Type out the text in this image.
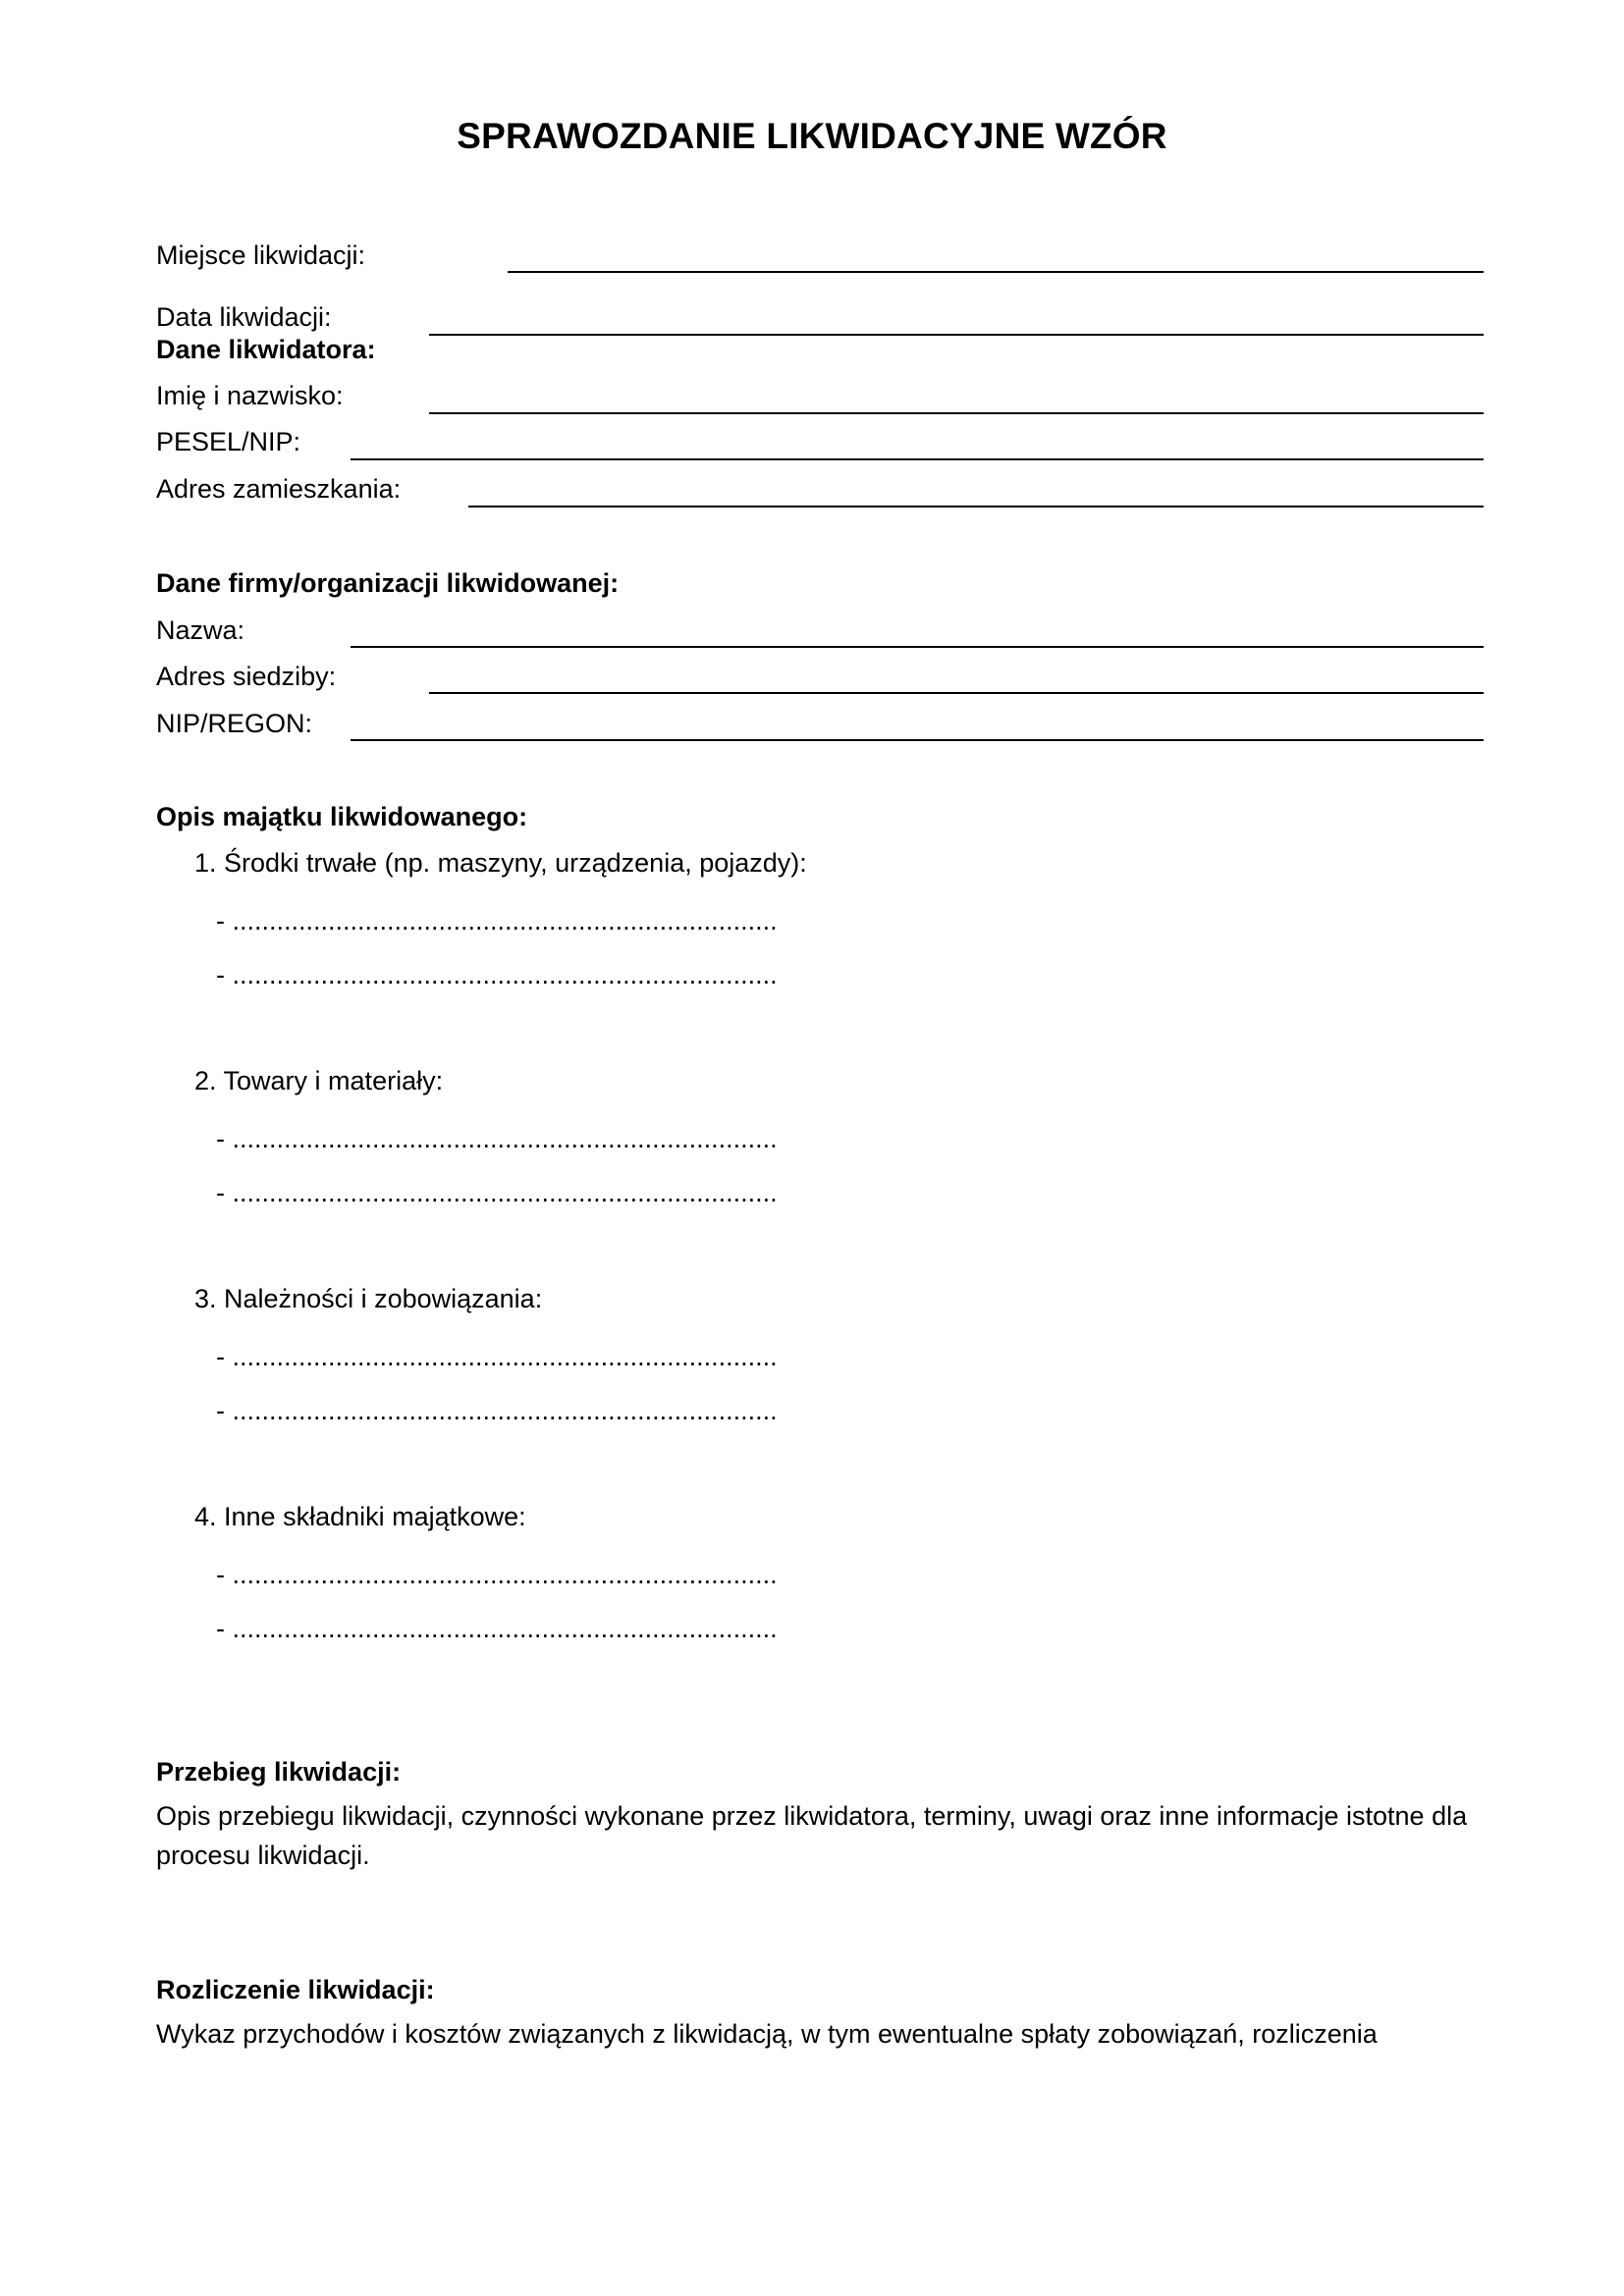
SPRAWOZDANIE LIKWIDACYJNE WZÓR
Miejsce likwidacji:
Data likwidacji:
Dane likwidatora:
Imię i nazwisko:
PESEL/NIP:
Adres zamieszkania:
Dane firmy/organizacji likwidowanej:
Nazwa:
Adres siedziby:
NIP/REGON:
Opis majątku likwidowanego:
1. Środki trwałe (np. maszyny, urządzenia, pojazdy):
- ..........................................................................
- ..........................................................................
2. Towary i materiały:
- ..........................................................................
- ..........................................................................
3. Należności i zobowiązania:
- ..........................................................................
- ..........................................................................
4. Inne składniki majątkowe:
- ..........................................................................
- ..........................................................................
Przebieg likwidacji:
Opis przebiegu likwidacji, czynności wykonane przez likwidatora, terminy, uwagi oraz inne informacje istotne dla procesu likwidacji.
Rozliczenie likwidacji:
Wykaz przychodów i kosztów związanych z likwidacją, w tym ewentualne spłaty zobowiązań, rozliczenia
